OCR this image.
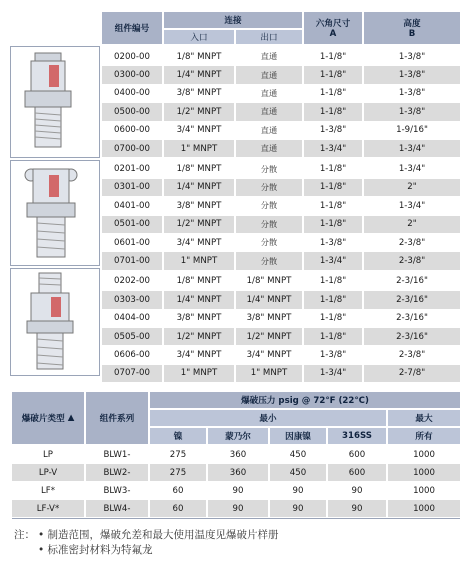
组件编号
连接
入口	出口
六角尺寸
A
高度
B
0200-00	1/8" MNPT	直通	1-1/8"	1-3/8"
0300-00	1/4" MNPT	直通	1-1/8"	1-3/8"
0400-00	3/8" MNPT	直通	1-1/8"	1-3/8"
0500-00	1/2" MNPT	直通	1-1/8"	1-3/8"
0600-00	3/4" MNPT	直通	1-3/8"	1-9/16"
0700-00	1" MNPT	直通	1-3/4"	1-3/4"
0201-00	1/8" MNPT	分散	1-1/8"	1-3/4"
0301-00	1/4" MNPT	分散	1-1/8"	2"
0401-00	3/8" MNPT	分散	1-1/8"	1-3/4"
0501-00	1/2" MNPT	分散	1-1/8"	2"
0601-00	3/4" MNPT	分散	1-3/8"	2-3/8"
0701-00	1" MNPT	分散	1-3/4"	2-3/8"
0202-00	1/8" MNPT	1/8" MNPT	1-1/8"	2-3/16"
0303-00	1/4" MNPT	1/4" MNPT	1-1/8"	2-3/16"
0404-00	3/8" MNPT	3/8" MNPT	1-1/8"	2-3/16"
0505-00	1/2" MNPT	1/2" MNPT	1-1/8"	2-3/16"
0606-00	3/4" MNPT	3/4" MNPT	1-3/8"	2-3/8"
0707-00	1" MNPT	1" MNPT	1-3/4"	2-7/8"
爆破片类型
▲	组件系列
爆破压力 psig @ 72°F (22°C)
最小	最大
镍	蒙乃尔	因康镍	316SS	所有
LP	BLW1-	275	360	450	600	1000
LP-V	BLW2-	275	360	450	600	1000
LF*	BLW3-	60	90	90	90	1000
LF-V*	BLW4-	60	90	90	90	1000
注： • 制造范围，爆破允差和最大使用温度见爆破片样册
• 标准密封材料为特氟龙
